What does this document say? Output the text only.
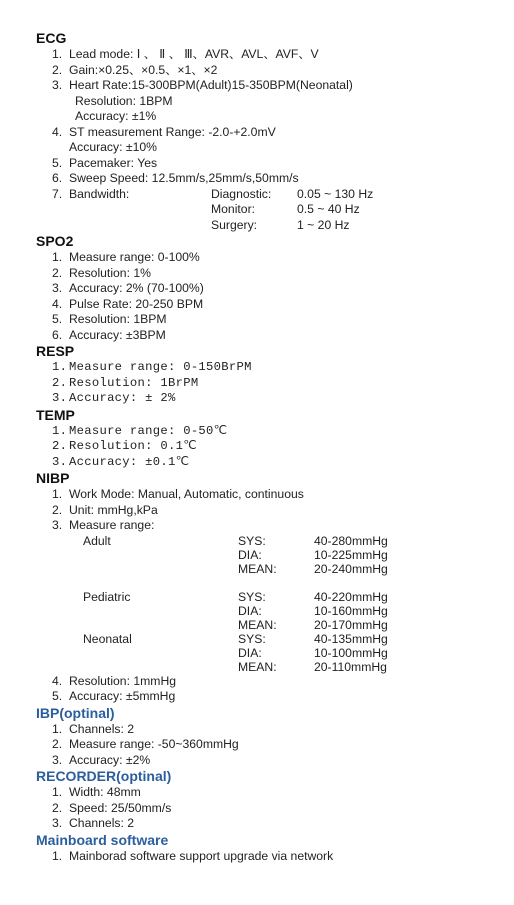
ECG
1. Lead mode: Ⅰ 、 Ⅱ 、 Ⅲ、AVR、AVL、AVF、V
2. Gain:×0.25、×0.5、×1、×2
3. Heart Rate:15-300BPM(Adult)15-350BPM(Neonatal)
Resolution: 1BPM
Accuracy: ±1%
4. ST measurement Range: -2.0-+2.0mV
Accuracy: ±10%
5. Pacemaker: Yes
6. Sweep Speed: 12.5mm/s,25mm/s,50mm/s
7. Bandwidth:	Diagnostic:	0.05 ~ 130 Hz
Monitor:	0.5 ~ 40 Hz
Surgery:	1 ~ 20 Hz
SPO2
1. Measure range: 0-100%
2. Resolution: 1%
3. Accuracy: 2% (70-100%)
4. Pulse Rate: 20-250 BPM
5. Resolution: 1BPM
6. Accuracy: ±3BPM
RESP
1. Measure range: 0-150BrPM
2. Resolution: 1BrPM
3. Accuracy: ± 2%
TEMP
1. Measure range: 0-50℃
2. Resolution: 0.1℃
3. Accuracy: ±0.1℃
NIBP
1. Work Mode: Manual, Automatic, continuous
2. Unit: mmHg,kPa
3. Measure range:
Adult	SYS:	40-280mmHg
DIA:	10-225mmHg
MEAN:	20-240mmHg
Pediatric	SYS:	40-220mmHg
DIA:	10-160mmHg
MEAN:	20-170mmHg
Neonatal	SYS:	40-135mmHg
DIA:	10-100mmHg
MEAN:	20-110mmHg
4. Resolution: 1mmHg
5. Accuracy: ±5mmHg
IBP(optinal)
1. Channels: 2
2. Measure range: -50~360mmHg
3. Accuracy: ±2%
RECORDER(optinal)
1. Width: 48mm
2. Speed: 25/50mm/s
3. Channels: 2
Mainboard software
1. Mainborad software support upgrade via network
